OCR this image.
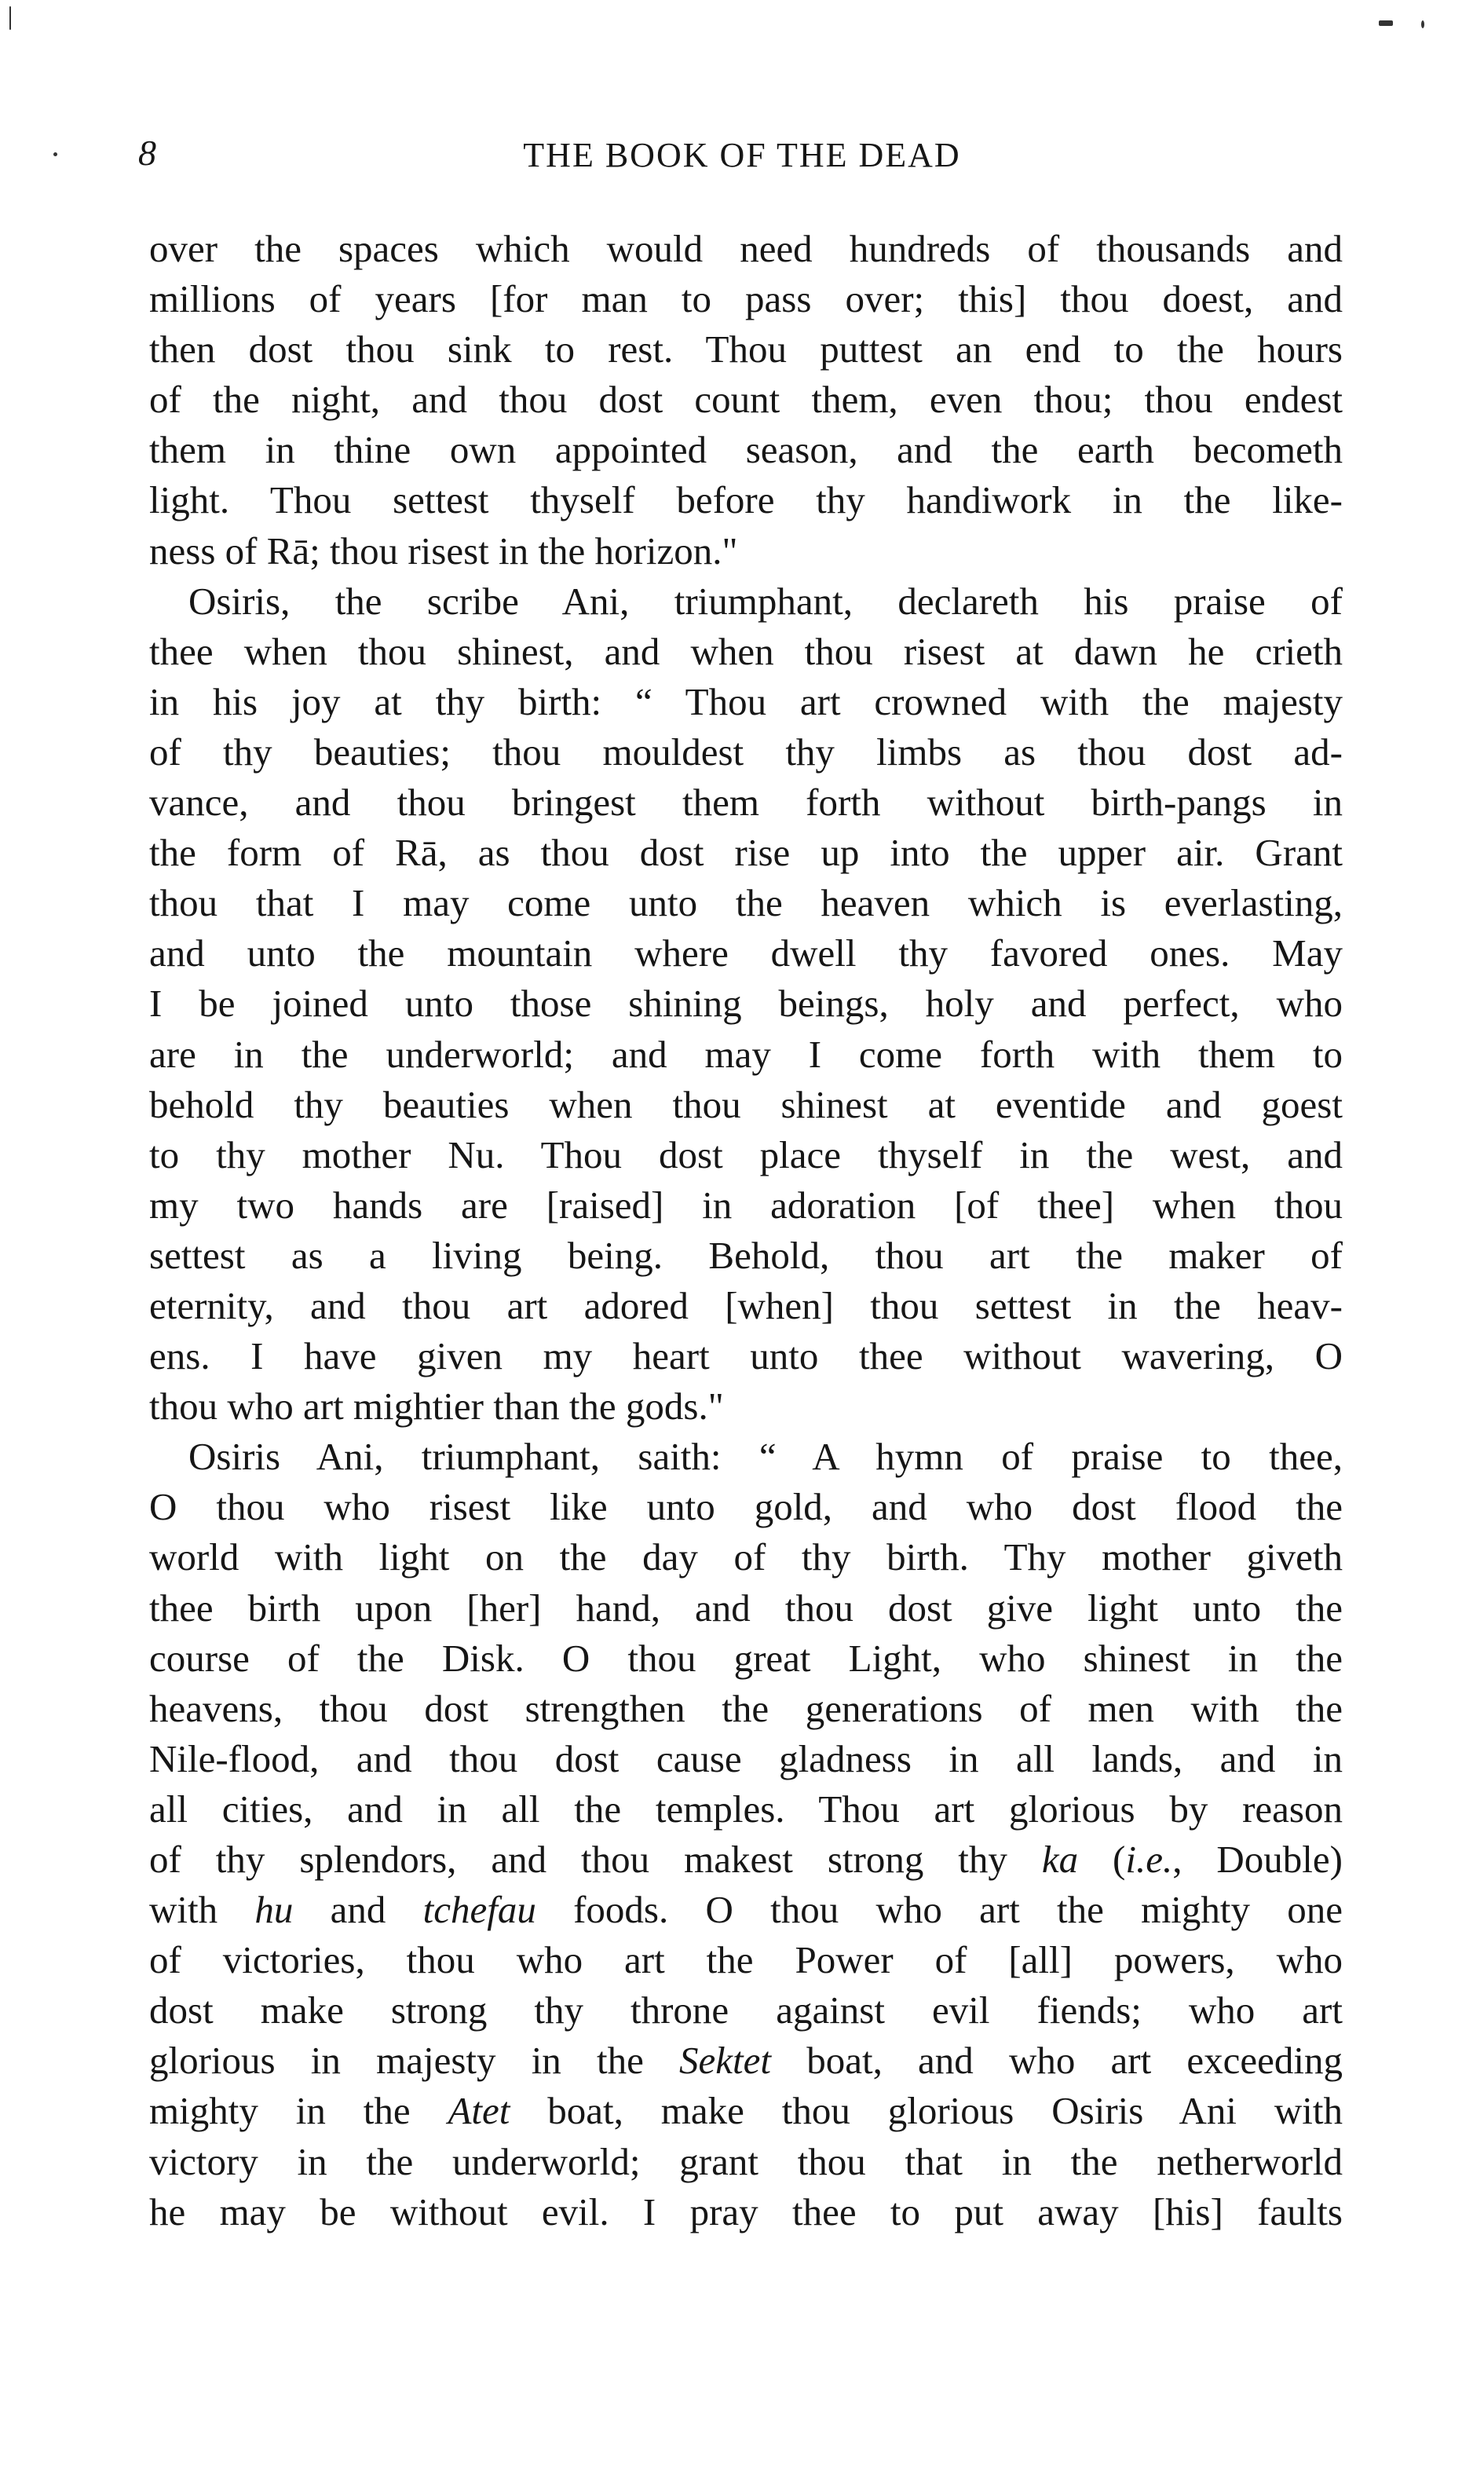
8	THE BOOK OF THE DEAD
over the spaces which would need hundreds of thousands and
millions of years [for man to pass over; this] thou doest, and
then dost thou sink to rest. Thou puttest an end to the hours
of the night, and thou dost count them, even thou; thou endest
them in thine own appointed season, and the earth becometh
light. Thou settest thyself before thy handiwork in the like-
ness of Rā; thou risest in the horizon."
Osiris, the scribe Ani, triumphant, declareth his praise of
thee when thou shinest, and when thou risest at dawn he crieth
in his joy at thy birth: “ Thou art crowned with the majesty
of thy beauties; thou mouldest thy limbs as thou dost ad-
vance, and thou bringest them forth without birth-pangs in
the form of Rā, as thou dost rise up into the upper air. Grant
thou that I may come unto the heaven which is everlasting,
and unto the mountain where dwell thy favored ones. May
I be joined unto those shining beings, holy and perfect, who
are in the underworld; and may I come forth with them to
behold thy beauties when thou shinest at eventide and goest
to thy mother Nu. Thou dost place thyself in the west, and
my two hands are [raised] in adoration [of thee] when thou
settest as a living being. Behold, thou art the maker of
eternity, and thou art adored [when] thou settest in the heav-
ens. I have given my heart unto thee without wavering, O
thou who art mightier than the gods."
Osiris Ani, triumphant, saith: “ A hymn of praise to thee,
O thou who risest like unto gold, and who dost flood the
world with light on the day of thy birth. Thy mother giveth
thee birth upon [her] hand, and thou dost give light unto the
course of the Disk. O thou great Light, who shinest in the
heavens, thou dost strengthen the generations of men with the
Nile-flood, and thou dost cause gladness in all lands, and in
all cities, and in all the temples. Thou art glorious by reason
of thy splendors, and thou makest strong thy ka (i.e., Double)
with hu and tchefau foods. O thou who art the mighty one
of victories, thou who art the Power of [all] powers, who
dost make strong thy throne against evil fiends; who art
glorious in majesty in the Sektet boat, and who art exceeding
mighty in the Atet boat, make thou glorious Osiris Ani with
victory in the underworld; grant thou that in the netherworld
he may be without evil. I pray thee to put away [his] faults
